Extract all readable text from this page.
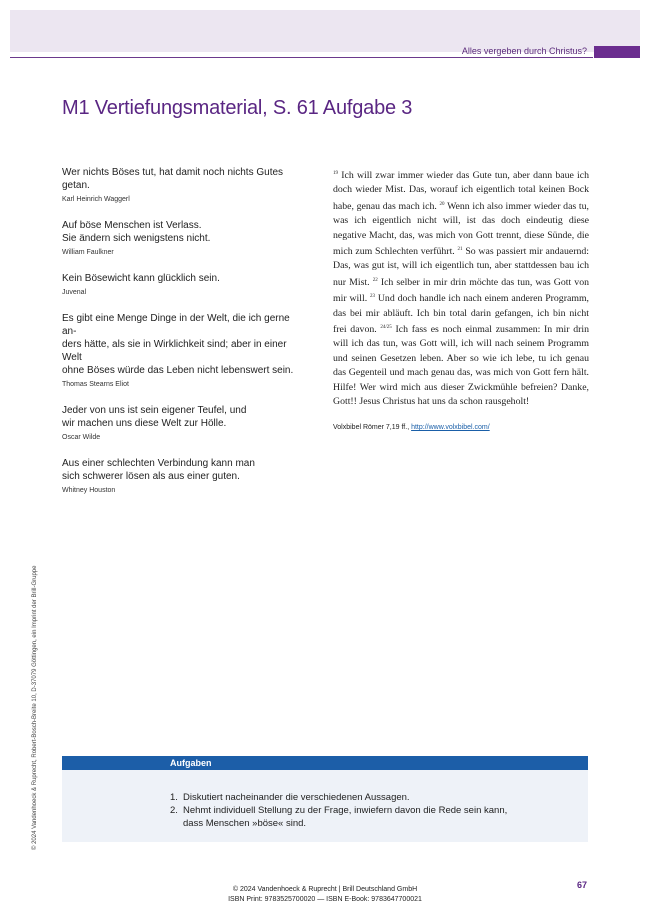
Alles vergeben durch Christus?
M1 Vertiefungsmaterial, S. 61 Aufgabe 3
Wer nichts Böses tut, hat damit noch nichts Gutes getan.
Karl Heinrich Waggerl
Auf böse Menschen ist Verlass.
Sie ändern sich wenigstens nicht.
William Faulkner
Kein Bösewicht kann glücklich sein.
Juvenal
Es gibt eine Menge Dinge in der Welt, die ich gerne an-
ders hätte, als sie in Wirklichkeit sind; aber in einer Welt
ohne Böses würde das Leben nicht lebenswert sein.
Thomas Stearns Eliot
Jeder von uns ist sein eigener Teufel, und
wir machen uns diese Welt zur Hölle.
Oscar Wilde
Aus einer schlechten Verbindung kann man
sich schwerer lösen als aus einer guten.
Whitney Houston
$^{19}$ Ich will zwar immer wieder das Gute tun, aber dann baue ich doch wieder Mist. Das, worauf ich eigentlich total keinen Bock habe, genau das mach ich. $^{20}$ Wenn ich also immer wieder das tu, was ich eigentlich nicht will, ist das doch eindeutig diese negative Macht, das, was mich von Gott trennt, diese Sünde, die mich zum Schlechten verführt. $^{21}$ So was passiert mir andauernd: Das, was gut ist, will ich eigentlich tun, aber stattdessen bau ich nur Mist. $^{22}$ Ich selber in mir drin möchte das tun, was Gott von mir will. $^{23}$ Und doch handle ich nach einem anderen Programm, das bei mir abläuft. Ich bin total darin gefangen, ich bin nicht frei davon. $^{24/25}$ Ich fass es noch einmal zusammen: In mir drin will ich das tun, was Gott will, ich will nach seinem Programm und seinen Gesetzen leben. Aber so wie ich lebe, tu ich genau das Gegenteil und mach genau das, was mich von Gott fern hält. Hilfe! Wer wird mich aus dieser Zwickmühle befreien? Danke, Gott!! Jesus Christus hat uns da schon rausgeholt!
Volxbibel Römer 7,19 ff., http://www.volxbibel.com/
© 2024 Vandenhoeck & Ruprecht, Robert-Bosch-Breite 10, D-37079 Göttingen, ein Imprint der Brill-Gruppe	Aufgaben
1. Diskutiert nacheinander die verschiedenen Aussagen.
2. Nehmt individuell Stellung zu der Frage, inwiefern davon die Rede sein kann,
dass Menschen »böse« sind.
© 2024 Vandenhoeck & Ruprecht | Brill Deutschland GmbH
ISBN Print: 9783525700020 — ISBN E-Book: 9783647700021
67
